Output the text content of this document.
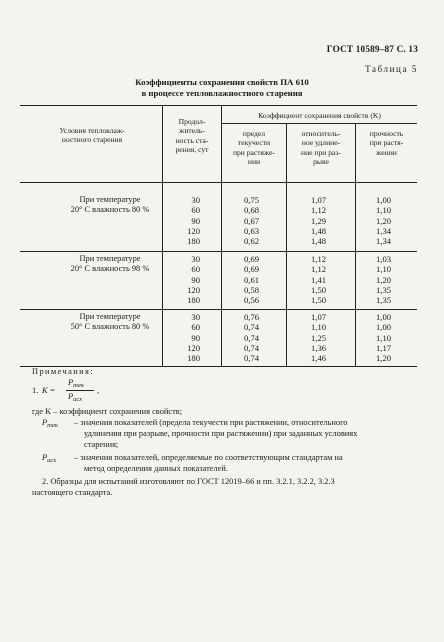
ГОСТ 10589–87 С. 13
Таблица 5
Коэффициенты сохранения свойств ПА 610
в процессе тепловлажностного старения
Условия тепловлаж-
ностного старения
Продол-
житель-
ность ста-
рения, сут
Коэффициент сохранения свойств (K)
предел
текучести
при растяже-
нии
относитель-
ное удлине-
ние при раз-
рыве
прочность
при растя-
жении
При температуре
20° С влажность 80 %
30
60
90
120
180
0,75
0,68
0,67
0,63
0,62
1,07
1,12
1,29
1,48
1,48
1,00
1,10
1,20
1,34
1,34
При температуре
20° С влажность 98 %
30
60
90
120
180
0,69
0,69
0,61
0,58
0,56
1,12
1,12
1,41
1,50
1,50
1,03
1,10
1,20
1,35
1,35
При температуре
50° С влажность 80 %
30
60
90
120
180
0,76
0,74
0,74
0,74
0,74
1,07
1,10
1,25
1,36
1,46
1,00
1,00
1,10
1,17
1,20
Примечания:
1. K =
$P_{тек}$
$P_{исх}$
,
где K – коэффициент сохранения свойств;
$P_{тек}$ – значения показателей (предела текучести при растяжении, относительного
удлинения при разрыве, прочности при растяжении) при заданных условиях
старения;
$P_{исх}$ – значения показателей, определяемые по соответствующим стандартам на
метод определения данных показателей.
2. Образцы для испытаний изготовляют по ГОСТ 12019–66 и пп. 3.2.1, 3.2.2, 3.2.3
настоящего стандарта.
